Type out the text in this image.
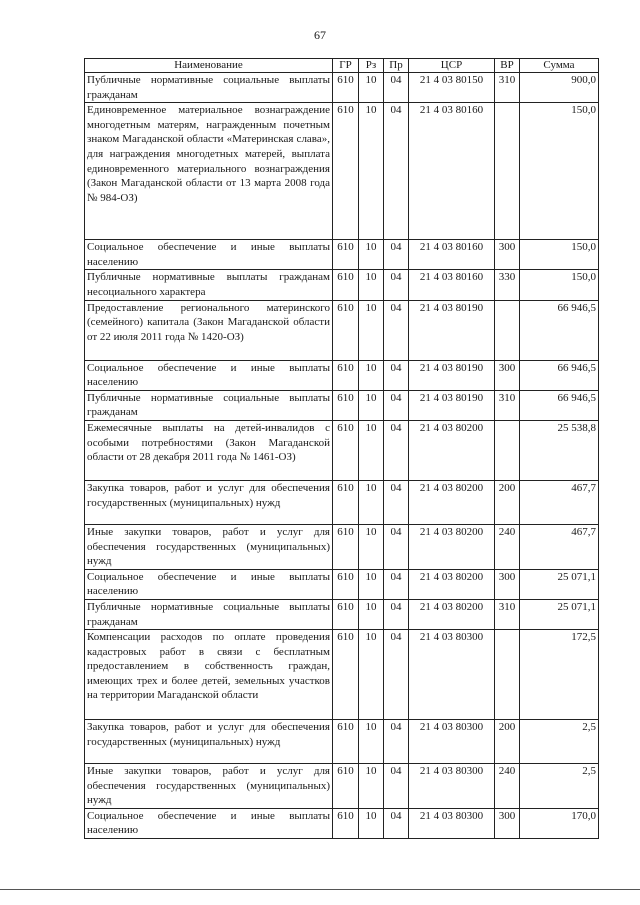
67
Наименование	ГР	Рз	Пр	ЦСР	ВР	Сумма
Публичные нормативные социальные выплаты гражданам	610	10	04	21 4 03 80150	310	900,0
Единовременное материальное вознаграждение многодетным матерям, награжденным почетным знаком Магаданской области «Материнская слава», для награждения многодетных матерей, выплата единовременного материального вознаграждения (Закон Магаданской области от 13 марта 2008 года № 984-ОЗ)	610	10	04	21 4 03 80160		150,0
Социальное обеспечение и иные выплаты населению	610	10	04	21 4 03 80160	300	150,0
Публичные нормативные выплаты гражданам несоциального характера	610	10	04	21 4 03 80160	330	150,0
Предоставление регионального материнского (семейного) капитала (Закон Магаданской области от 22 июля 2011 года № 1420-ОЗ)	610	10	04	21 4 03 80190		66 946,5
Социальное обеспечение и иные выплаты населению	610	10	04	21 4 03 80190	300	66 946,5
Публичные нормативные социальные выплаты гражданам	610	10	04	21 4 03 80190	310	66 946,5
Ежемесячные выплаты на детей-инвалидов с особыми потребностями (Закон Магаданской области от 28 декабря 2011 года № 1461-ОЗ)	610	10	04	21 4 03 80200		25 538,8
Закупка товаров, работ и услуг для обеспечения государственных (муниципальных) нужд	610	10	04	21 4 03 80200	200	467,7
Иные закупки товаров, работ и услуг для обеспечения государственных (муниципальных) нужд	610	10	04	21 4 03 80200	240	467,7
Социальное обеспечение и иные выплаты населению	610	10	04	21 4 03 80200	300	25 071,1
Публичные нормативные социальные выплаты гражданам	610	10	04	21 4 03 80200	310	25 071,1
Компенсации расходов по оплате проведения кадастровых работ в связи с бесплатным предоставлением в собственность граждан, имеющих трех и более детей, земельных участков на территории Магаданской области	610	10	04	21 4 03 80300		172,5
Закупка товаров, работ и услуг для обеспечения государственных (муниципальных) нужд	610	10	04	21 4 03 80300	200	2,5
Иные закупки товаров, работ и услуг для обеспечения государственных (муниципальных) нужд	610	10	04	21 4 03 80300	240	2,5
Социальное обеспечение и иные выплаты населению	610	10	04	21 4 03 80300	300	170,0
